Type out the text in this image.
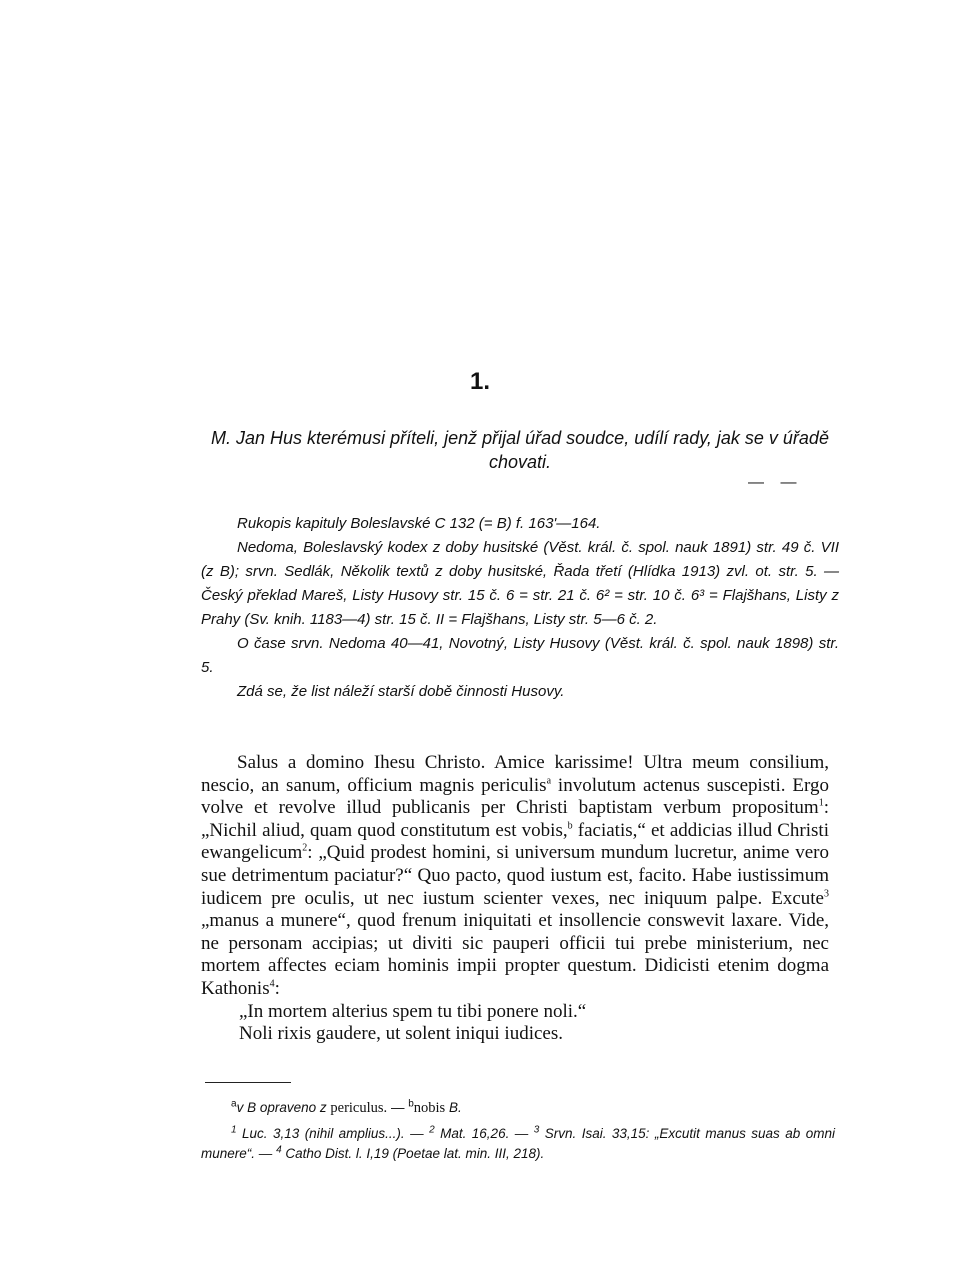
1.
M. Jan Hus kterémusi příteli, jenž přijal úřad soudce, udílí rady, jak se v úřadě chovati.
— —

Rukopis kapituly Boleslavské C 132 (= B) f. 163'—164.

Nedoma, Boleslavský kodex z doby husitské (Věst. král. č. spol. nauk 1891) str. 49 č. VII (z B); srvn. Sedlák, Několik textů z doby husitské, Řada třetí (Hlídka 1913) zvl. ot. str. 5. — Český překlad Mareš, Listy Husovy str. 15 č. 6 = str. 21 č. 6² = str. 10 č. 6³ = Flajšhans, Listy z Prahy (Sv. knih. 1183—4) str. 15 č. II = Flajšhans, Listy str. 5—6 č. 2.

O čase srvn. Nedoma 40—41, Novotný, Listy Husovy (Věst. král. č. spol. nauk 1898) str. 5.

Zdá se, že list náleží starší době činnosti Husovy.

Salus a domino Ihesu Christo. Amice karissime! Ultra meum consilium, nescio, an sanum, officium magnis periculis$^a$ involutum actenus suscepisti. Ergo volve et revolve illud publicanis per Christi baptistam verbum propositum$^1$: „Nichil aliud, quam quod constitutum est vobis,$^b$ faciatis,“ et addicias illud Christi ewangelicum$^2$: „Quid prodest homini, si universum mundum lucretur, anime vero sue detrimentum paciatur?“ Quo pacto, quod iustum est, facito. Habe iustissimum iudicem pre oculis, ut nec iustum scienter vexes, nec iniquum palpe. Excute$^3$ „manus a munere“, quod frenum iniquitati et insollencie conswevit laxare. Vide, ne personam accipias; ut diviti sic pauperi officii tui prebe ministerium, nec mortem affectes eciam hominis impii propter questum. Didicisti etenim dogma Kathonis$^4$:

„In mortem alterius spem tu tibi ponere noli.“

Noli rixis gaudere, ut solent iniqui iudices.

$^a$v B opraveno z periculus. — $^b$nobis B.

$^1$ Luc. 3,13 (nihil amplius...). — $^2$ Mat. 16,26. — $^3$ Srvn. Isai. 33,15: „Excutit manus suas ab omni munere“. — $^4$ Catho Dist. l. I,19 (Poetae lat. min. III, 218).
